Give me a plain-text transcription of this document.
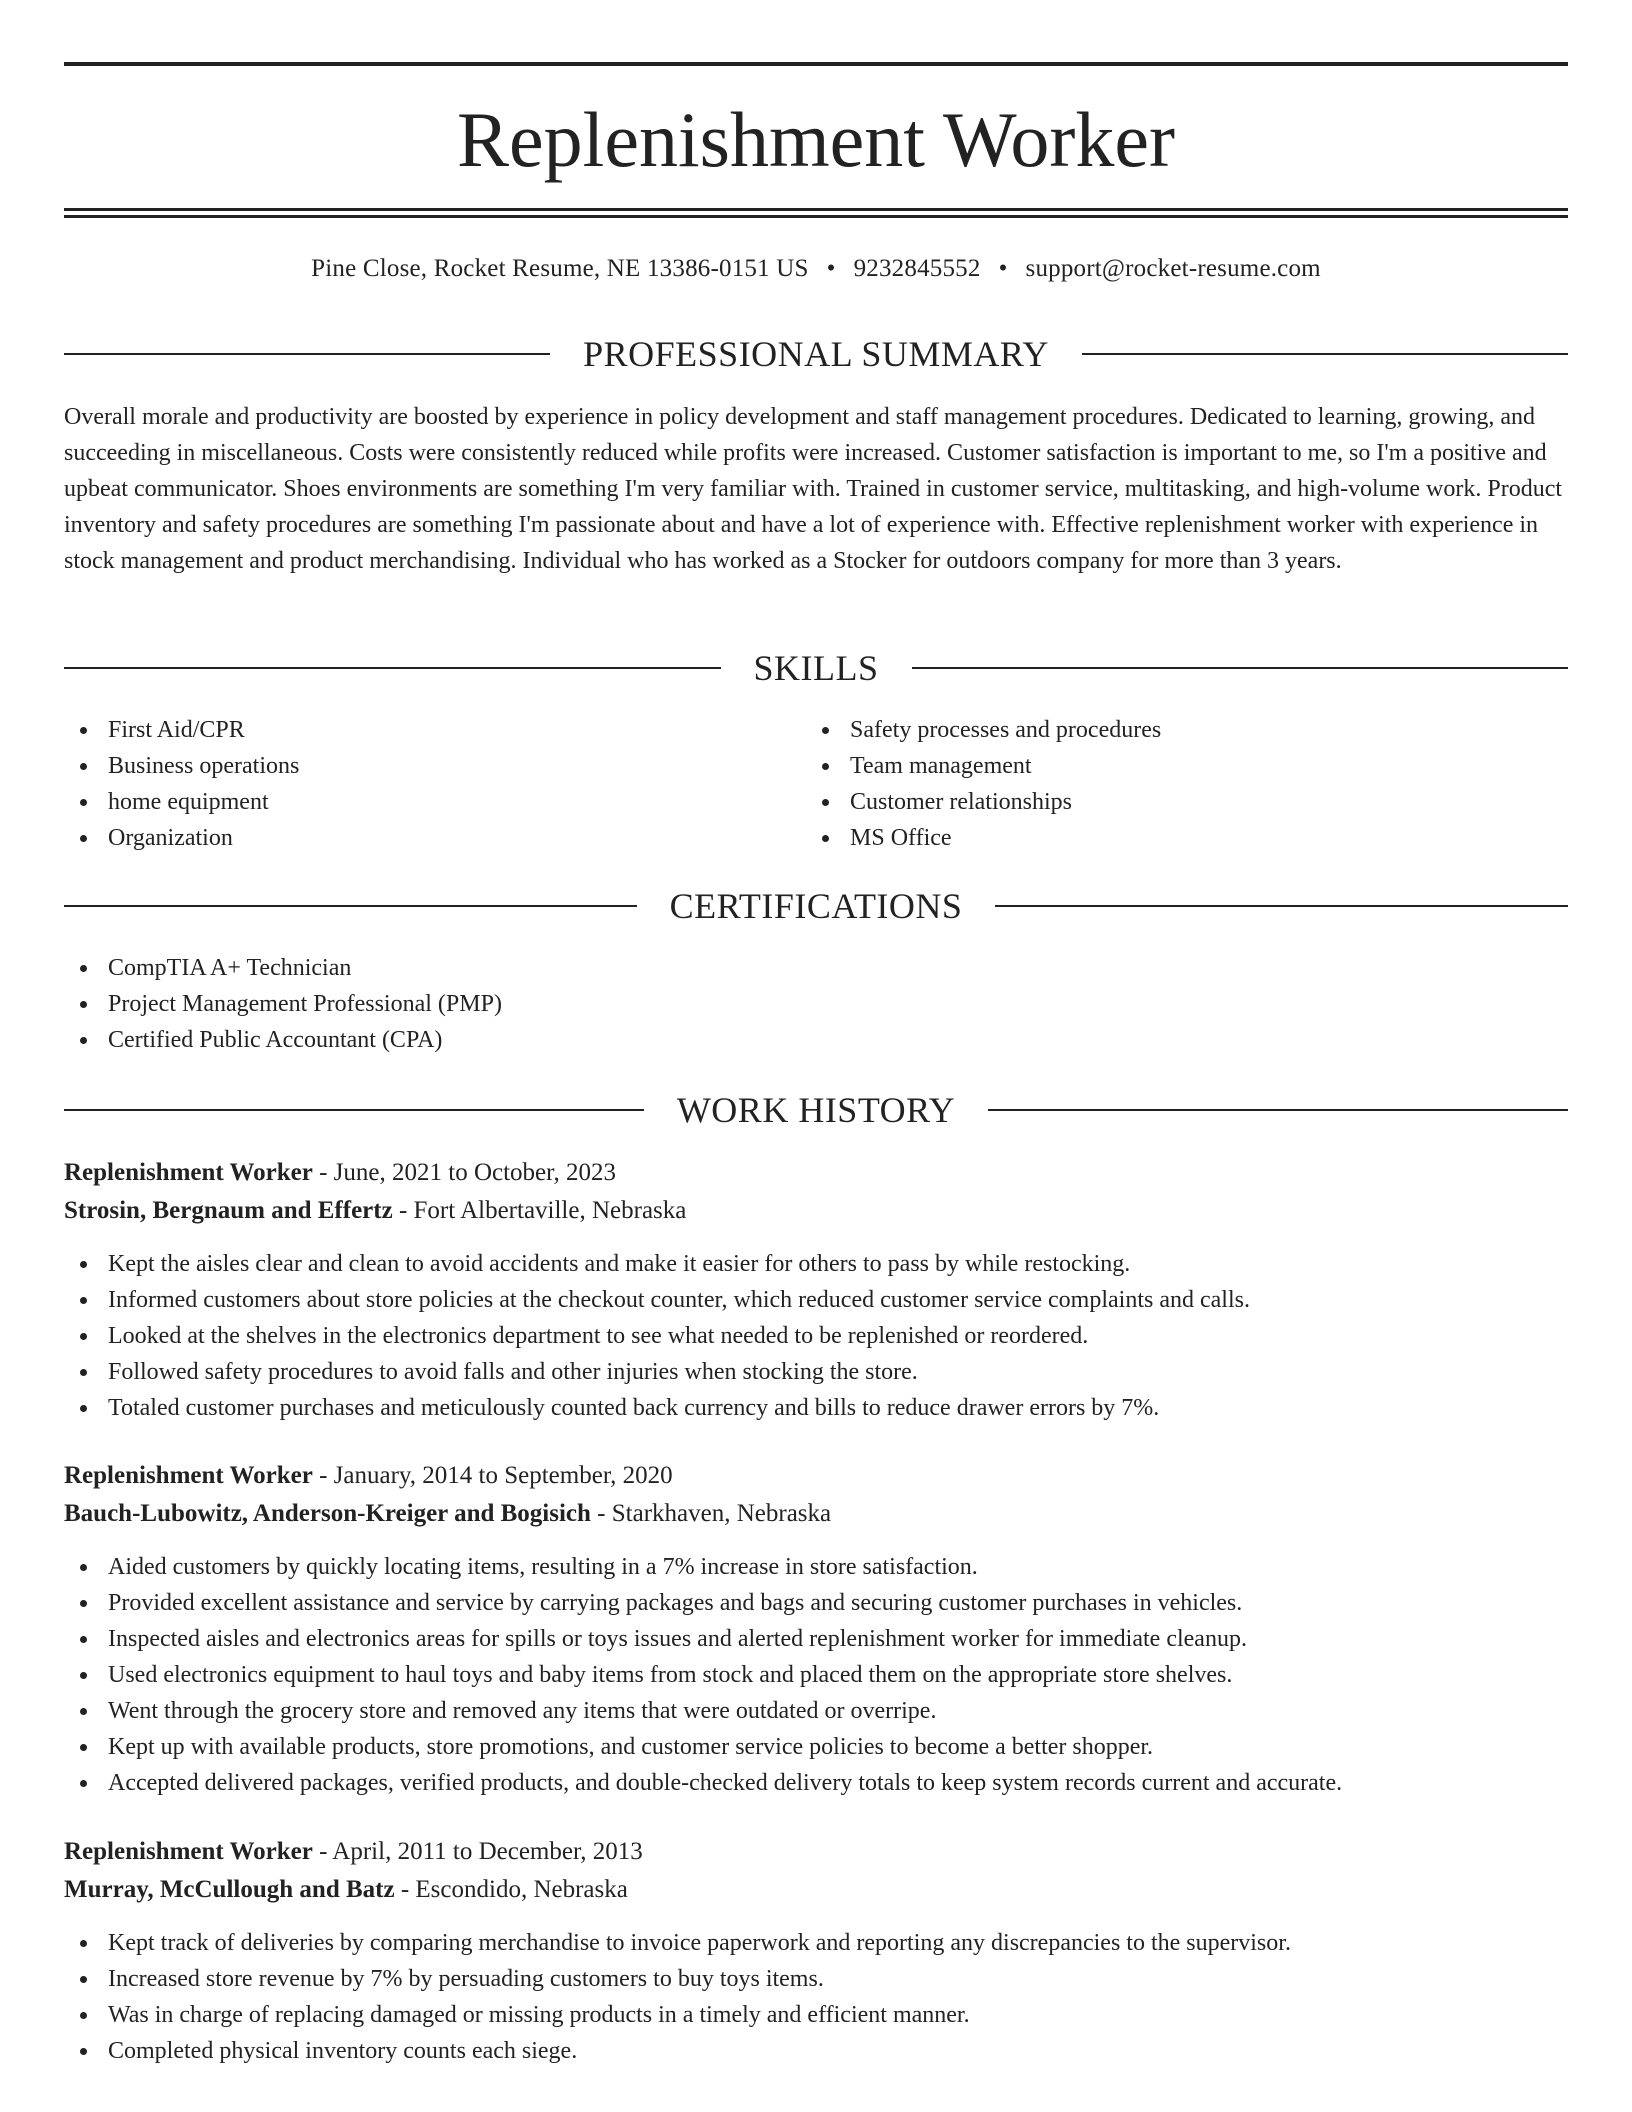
Replenishment Worker
Pine Close, Rocket Resume, NE 13386-0151 US • 9232845552 • support@rocket-resume.com
PROFESSIONAL SUMMARY

Overall morale and productivity are boosted by experience in policy development and staff management procedures. Dedicated to learning, growing, and succeeding in miscellaneous. Costs were consistently reduced while profits were increased. Customer satisfaction is important to me, so I'm a positive and upbeat communicator. Shoes environments are something I'm very familiar with. Trained in customer service, multitasking, and high-volume work. Product inventory and safety procedures are something I'm passionate about and have a lot of experience with. Effective replenishment worker with experience in stock management and product merchandising. Individual who has worked as a Stocker for outdoors company for more than 3 years.

SKILLS
First Aid/CPR
Business operations
home equipment
Organization
Safety processes and procedures
Team management
Customer relationships
MS Office
CERTIFICATIONS
CompTIA A+ Technician
Project Management Professional (PMP)
Certified Public Accountant (CPA)
WORK HISTORY
Replenishment Worker - June, 2021 to October, 2023
Strosin, Bergnaum and Effertz - Fort Albertaville, Nebraska
Kept the aisles clear and clean to avoid accidents and make it easier for others to pass by while restocking.
Informed customers about store policies at the checkout counter, which reduced customer service complaints and calls.
Looked at the shelves in the electronics department to see what needed to be replenished or reordered.
Followed safety procedures to avoid falls and other injuries when stocking the store.
Totaled customer purchases and meticulously counted back currency and bills to reduce drawer errors by 7%.
Replenishment Worker - January, 2014 to September, 2020
Bauch-Lubowitz, Anderson-Kreiger and Bogisich - Starkhaven, Nebraska
Aided customers by quickly locating items, resulting in a 7% increase in store satisfaction.
Provided excellent assistance and service by carrying packages and bags and securing customer purchases in vehicles.
Inspected aisles and electronics areas for spills or toys issues and alerted replenishment worker for immediate cleanup.
Used electronics equipment to haul toys and baby items from stock and placed them on the appropriate store shelves.
Went through the grocery store and removed any items that were outdated or overripe.
Kept up with available products, store promotions, and customer service policies to become a better shopper.
Accepted delivered packages, verified products, and double-checked delivery totals to keep system records current and accurate.
Replenishment Worker - April, 2011 to December, 2013
Murray, McCullough and Batz - Escondido, Nebraska
Kept track of deliveries by comparing merchandise to invoice paperwork and reporting any discrepancies to the supervisor.
Increased store revenue by 7% by persuading customers to buy toys items.
Was in charge of replacing damaged or missing products in a timely and efficient manner.
Completed physical inventory counts each siege.
